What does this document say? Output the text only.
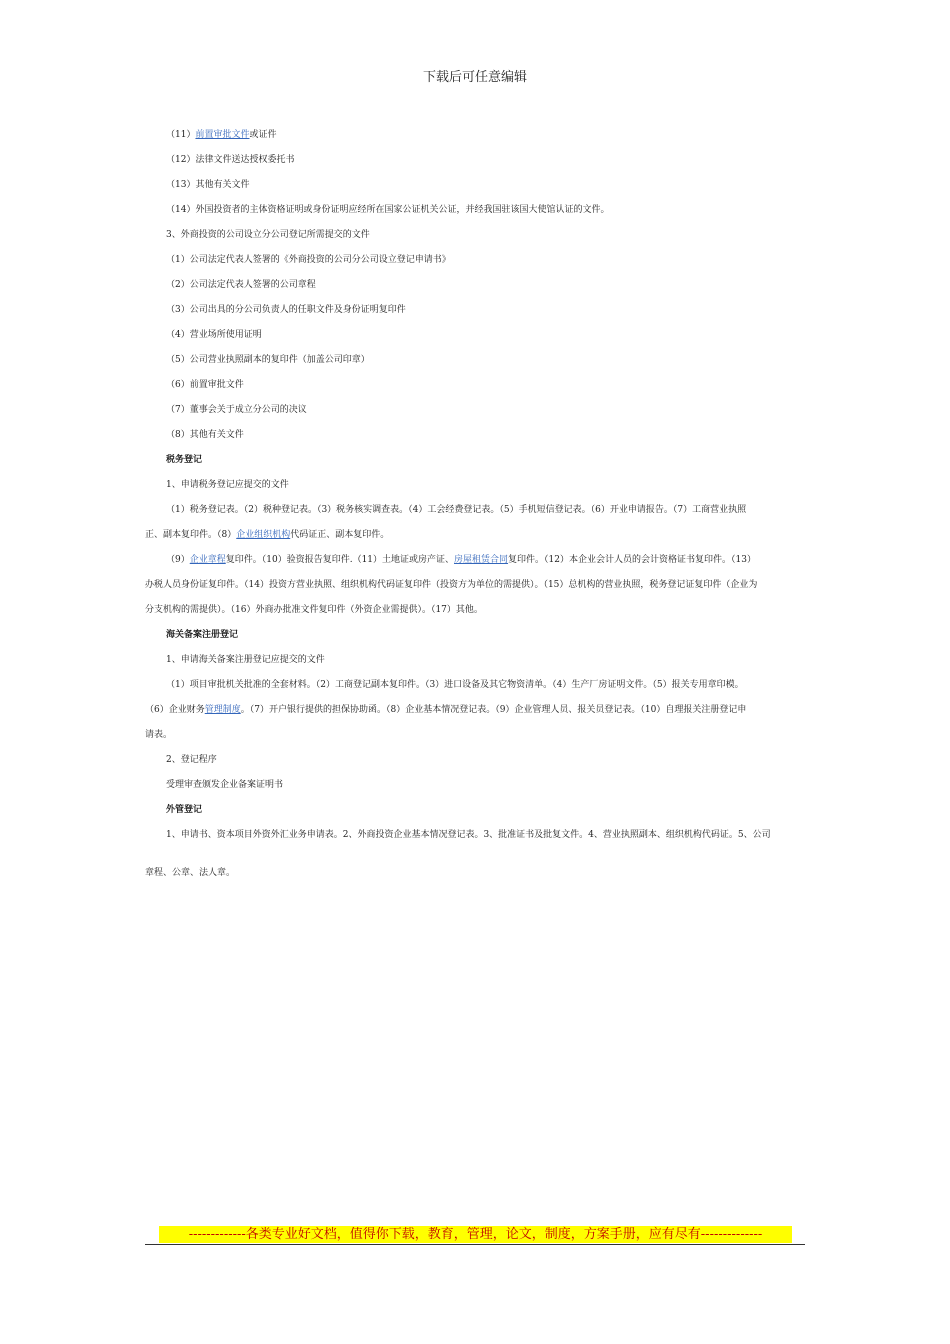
下载后可任意编辑
（11）前置审批文件或证件
（12）法律文件送达授权委托书
（13）其他有关文件
（14）外国投资者的主体资格证明或身份证明应经所在国家公证机关公证，并经我国驻该国大使馆认证的文件。
3、外商投资的公司设立分公司登记所需提交的文件
（1）公司法定代表人签署的《外商投资的公司分公司设立登记申请书》
（2）公司法定代表人签署的公司章程
（3）公司出具的分公司负责人的任职文件及身份证明复印件
（4）营业场所使用证明
（5）公司营业执照副本的复印件（加盖公司印章）
（6）前置审批文件
（7）董事会关于成立分公司的决议
（8）其他有关文件
税务登记
1、申请税务登记应提交的文件
（1）税务登记表。（2）税种登记表。（3）税务核实调查表。（4）工会经费登记表。（5）手机短信登记表。（6）开业申请报告。（7）工商营业执照
正、副本复印件。（8）企业组织机构代码证正、副本复印件。
（9）企业章程复印件。（10）验资报告复印件.（11）土地证或房产证、房屋租赁合同复印件。（12）本企业会计人员的会计资格证书复印件。（13）
办税人员身份证复印件。（14）投资方营业执照、组织机构代码证复印件（投资方为单位的需提供）。（15）总机构的营业执照，税务登记证复印件（企业为
分支机构的需提供）。（16）外商办批准文件复印件（外资企业需提供）。（17）其他。
海关备案注册登记
1、申请海关备案注册登记应提交的文件
（1）项目审批机关批准的全套材料。（2）工商登记副本复印件。（3）进口设备及其它物资清单。（4）生产厂房证明文件。（5）报关专用章印模。
（6）企业财务管理制度。（7）开户银行提供的担保协助函。（8）企业基本情况登记表。（9）企业管理人员、报关员登记表。（10）自理报关注册登记申
请表。
2、登记程序
受理审查颁发企业备案证明书
外管登记
1、申请书、资本项目外资外汇业务申请表。2、外商投资企业基本情况登记表。3、批准证书及批复文件。4、营业执照副本、组织机构代码证。5、公司
章程、公章、法人章。
-------------各类专业好文档，值得你下载，教育，管理，论文，制度，方案手册，应有尽有--------------
